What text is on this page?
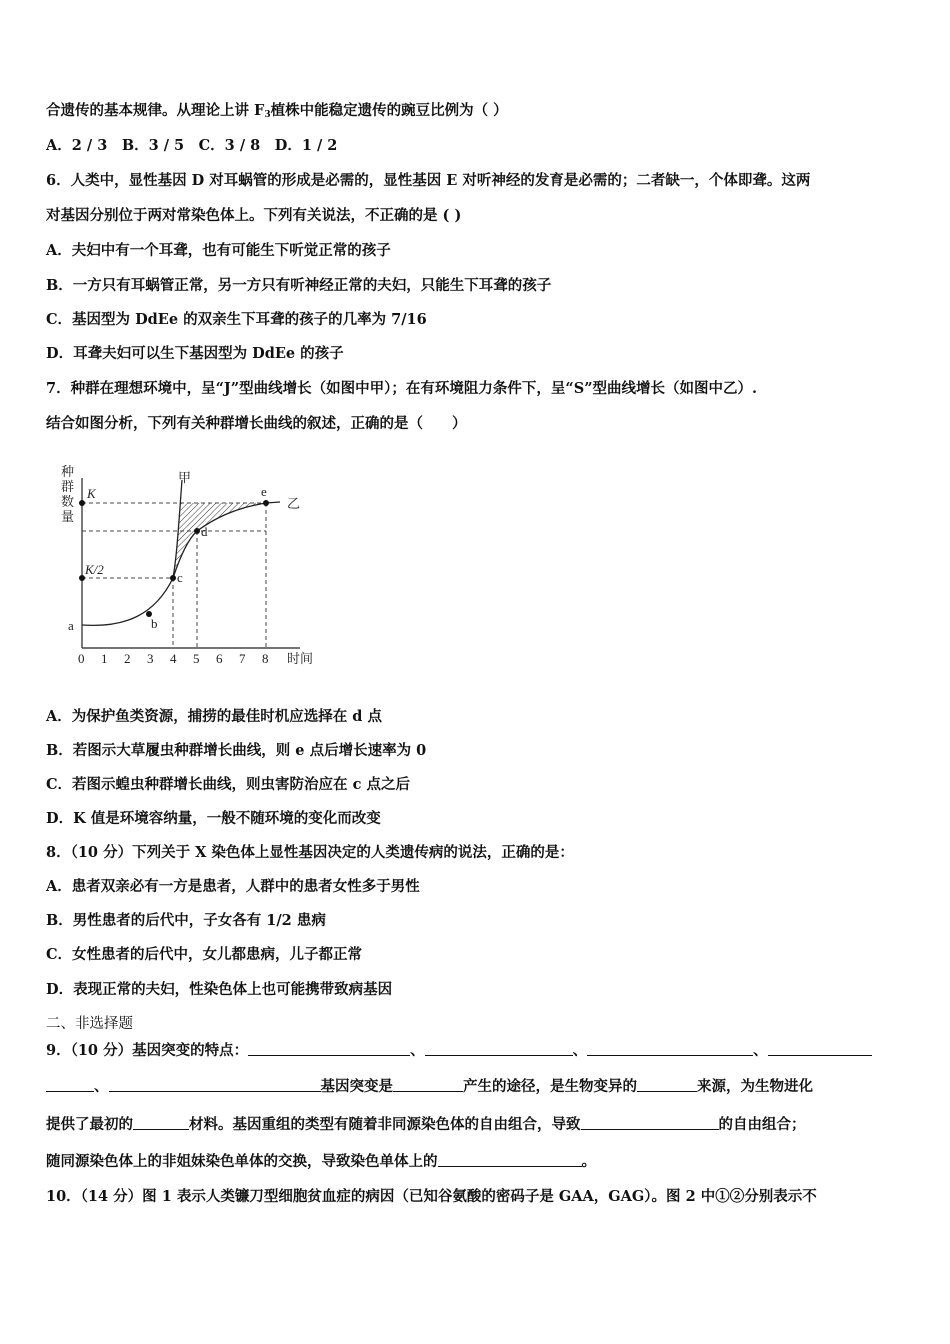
合遗传的基本规律。从理论上讲 $F_3$植株中能稳定遗传的豌豆比例为（ ）
A．2 / 3　B．3 / 5　C．3 / 8　D．1 / 2
6．人类中，显性基因 D 对耳蜗管的形成是必需的，显性基因 E 对听神经的发育是必需的；二者缺一，个体即聋。这两
对基因分别位于两对常染色体上。下列有关说法，不正确的是 ( )
A．夫妇中有一个耳聋，也有可能生下听觉正常的孩子
B．一方只有耳蜗管正常，另一方只有听神经正常的夫妇，只能生下耳聋的孩子
C．基因型为 DdEe 的双亲生下耳聋的孩子的几率为 7/16
D．耳聋夫妇可以生下基因型为 DdEe 的孩子
7．种群在理想环境中，呈“J”型曲线增长（如图中甲）；在有环境阻力条件下，呈“S”型曲线增长（如图中乙）.
结合如图分析，下列有关种群增长曲线的叙述，正确的是（　　）
种
群
数
量
K
K/2
a	b
c
d
e
甲
乙
0 1 2 3 4 5 6 7 8 时间
A．为保护鱼类资源，捕捞的最佳时机应选择在 d 点
B．若图示大草履虫种群增长曲线，则 e 点后增长速率为 0
C．若图示蝗虫种群增长曲线，则虫害防治应在 c 点之后
D．K 值是环境容纳量，一般不随环境的变化而改变
8．（10 分）下列关于 X 染色体上显性基因决定的人类遗传病的说法，正确的是：
A．患者双亲必有一方是患者，人群中的患者女性多于男性
B．男性患者的后代中，子女各有 1/2 患病
C．女性患者的后代中，女儿都患病，儿子都正常
D．表现正常的夫妇，性染色体上也可能携带致病基因
二、非选择题
9．（10 分）基因突变的特点：	、	、	、
、	基因突变是	产生的途径，是生物变异的	来源，为生物进化
提供了最初的	材料。基因重组的类型有随着非同源染色体的自由组合，导致	的自由组合；
随同源染色体上的非姐妹染色单体的交换，导致染色单体上的	。
10．（14 分）图 1 表示人类镰刀型细胞贫血症的病因（已知谷氨酸的密码子是 GAA，GAG）。图 2 中①②分别表示不
